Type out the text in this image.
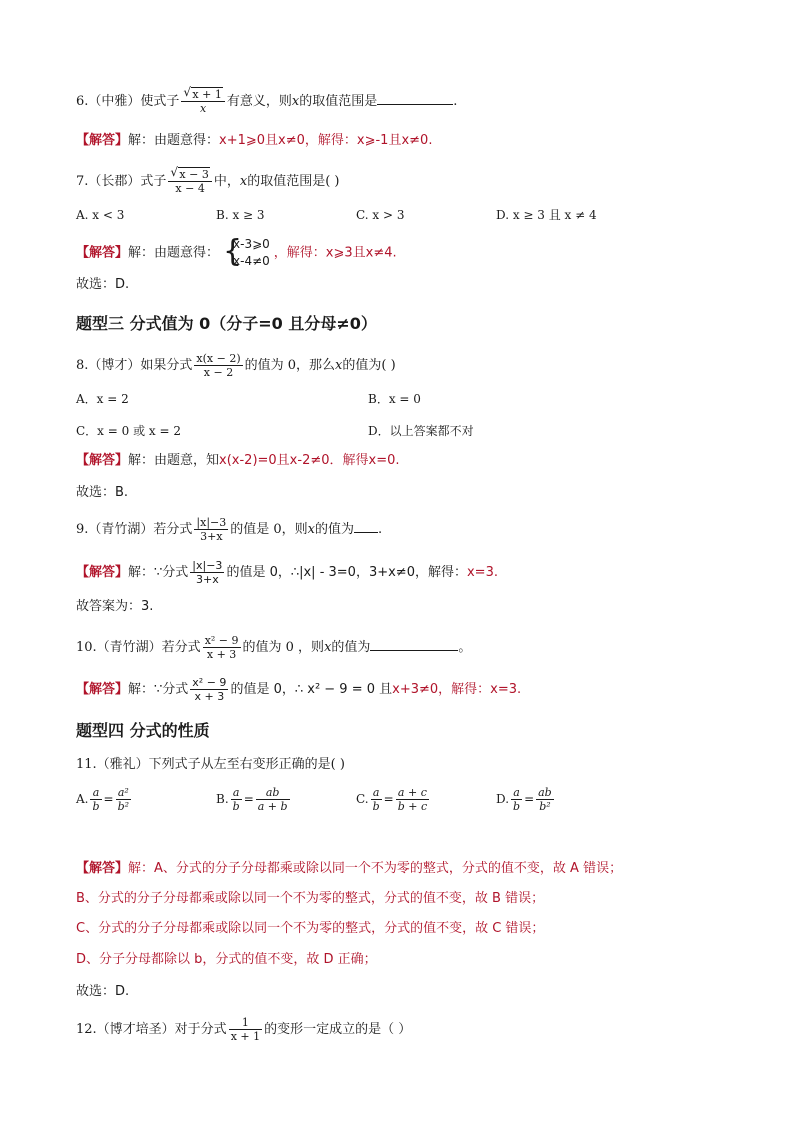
6.（中雅）使式子 $\frac{√ x + 1}{x}$ 有意义，则x的取值范围是	.
【解答】解：由题意得：x+1⩾0且x≠0，解得：x⩾-1且x≠0.
7.（长郡）式子 $\frac{√ x - 3}{x - 4}$ 中，x的取值范围是( )
A. x < 3	B. x ≥ 3	C. x > 3	D. x ≥ 3 且 x ≠ 4
【解答】解：由题意得： {
x-3⩾0
x-4≠0
，解得：x⩾3且x≠4.
故选：D.
题型三 分式值为 0（分子=0 且分母≠0）
8.（博才）如果分式 $\frac{x(x - 2)}{x - 2}$ 的值为 0，那么x的值为( )
A．x = 2	B．x = 0
C．x = 0 或 x = 2	D．以上答案都不对
【解答】解：由题意，知x(x-2)=0且x-2≠0．解得x=0.
故选：B.
9.（青竹湖）若分式 $\frac{|x|-3}{3+x}$ 的值是 0，则x的值为 .
【解答】解：∵分式 $\frac{|x|-3}{3+x}$ 的值是 0，∴|x| - 3=0，3+x≠0，解得：x=3.
故答案为：3.
10.（青竹湖）若分式 $\frac{\text{x² − 9}}{x + 3}$ 的值为 0 ，则x的值为	。
【解答】解：∵分式 $\frac{\text{x² − 9}}{x + 3}$ 的值是 0，∴ x² − 9 = 0 且x+3≠0，解得：x=3.
题型四 分式的性质
11.（雅礼）下列式子从左至右变形正确的是( )
A. $\frac{a}{b} = \frac{\text{a²}}{\text{b²}}$	B. $\frac{a}{b} = \frac{ab}{a + b}$	C. $\frac{a}{b} = \frac{a + c}{b + c}$	D. $\frac{a}{b} = \frac{ab}{\text{b²}}$
【解答】解：A、分式的分子分母都乘或除以同一个不为零的整式，分式的值不变，故 A 错误；
B、分式的分子分母都乘或除以同一个不为零的整式，分式的值不变，故 B 错误；
C、分式的分子分母都乘或除以同一个不为零的整式，分式的值不变，故 C 错误；
D、分子分母都除以 b，分式的值不变，故 D 正确；
故选：D.
12.（博才培圣）对于分式 $\frac{1}{x + 1}$ 的变形一定成立的是（ ）
